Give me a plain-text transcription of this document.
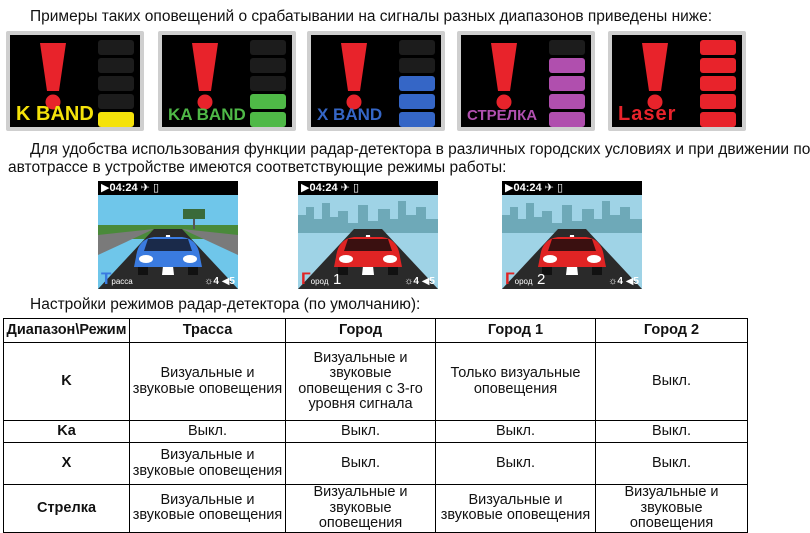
Примеры таких оповещений о срабатывании на сигналы разных диапазонов приведены ниже:
K BAND	KA BAND	X BAND	СТРЕЛКА	Laser
Для удобства использования функции радар-детектора в различных городских условиях и при движении по
автотрассе в устройстве имеются соответствующие режимы работы:
▶04:24 ✈ ▯
Трассa	☼4 ◀5
▶04:24 ✈ ▯
Город 1	☼4 ◀5
▶04:24 ✈ ▯
Город 2	☼4 ◀5
Настройки режимов радар-детектора (по умолчанию):
Диапазон\Режим	Трасса	Город	Город 1	Город 2
K	Визуальные и звуковые оповещения	Визуальные и звуковые оповещения с 3-го уровня сигнала	Только визуальные оповещения	Выкл.
Ka	Выкл.	Выкл.	Выкл.	Выкл.
X	Визуальные и звуковые оповещения	Выкл.	Выкл.	Выкл.
Стрелка	Визуальные и звуковые оповещения	Визуальные и звуковые оповещения	Визуальные и звуковые оповещения	Визуальные и звуковые оповещения
